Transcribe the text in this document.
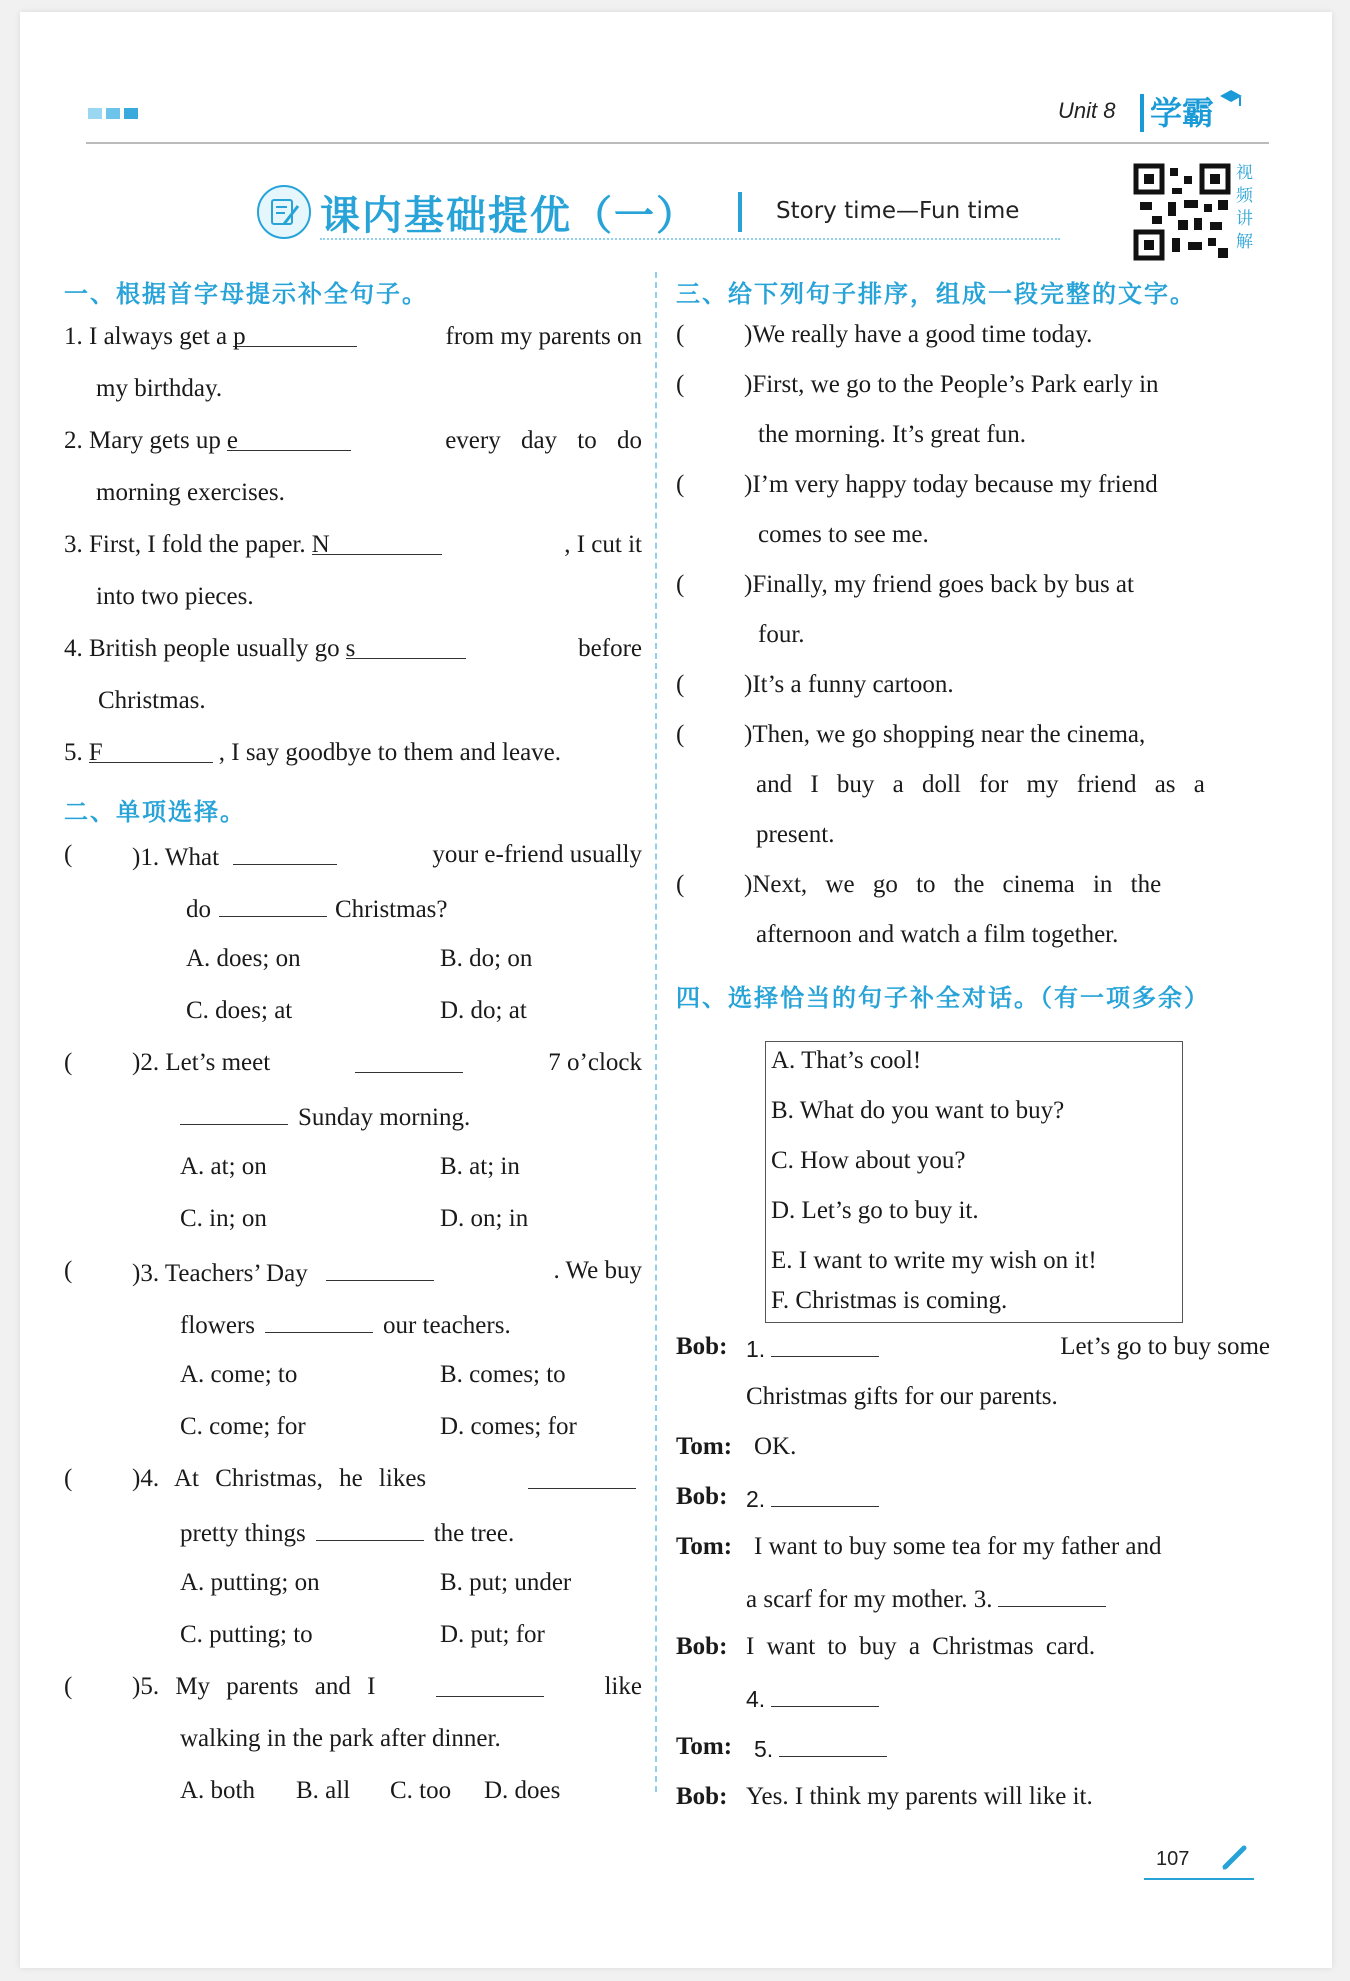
Unit 8	学霸
课内基础提优（一）	Story time—Fun time
视频讲解
一、根据首字母提示补全句子。
1. I always get a p	from my parents on
my birthday.
2. Mary gets up e	every day to do
morning exercises.
3. First, I fold the paper. N	, I cut it
into two pieces.
4. British people usually go s	before
Christmas.
5. F	, I say goodbye to them and leave.
二、单项选择。
( )1. What	your e-friend usually
do	Christmas?
A. does; on	B. do; on
C. does; at	D. do; at
( )2. Let’s meet	7 o’clock
Sunday morning.
A. at; on	B. at; in
C. in; on	D. on; in
( )3. Teachers’ Day	. We buy
flowers	our teachers.
A. come; to	B. comes; to
C. come; for	D. comes; for
( )4. At Christmas, he likes
pretty things	the tree.
A. putting; on	B. put; under
C. putting; to	D. put; for
( )5. My parents and I	like
walking in the park after dinner.
A. both B. all C. too D. does
三、给下列句子排序，组成一段完整的文字。
( )We really have a good time today.
( )First, we go to the People’s Park early in
the morning. It’s great fun.
( )I’m very happy today because my friend
comes to see me.
( )Finally, my friend goes back by bus at
four.
( )It’s a funny cartoon.
( )Then, we go shopping near the cinema,
and I buy a doll for my friend as a
present.
( )Next, we go to the cinema in the
afternoon and watch a film together.
四、选择恰当的句子补全对话。（有一项多余）
A. That’s cool!
B. What do you want to buy?
C. How about you?
D. Let’s go to buy it.
E. I want to write my wish on it!
F. Christmas is coming.
Bob: 1.	Let’s go to buy some
Christmas gifts for our parents.
Tom: OK.
Bob: 2.
Tom: I want to buy some tea for my father and
a scarf for my mother. 3.
Bob: I want to buy a Christmas card.
4.
Tom: 5.
Bob: Yes. I think my parents will like it.
107
